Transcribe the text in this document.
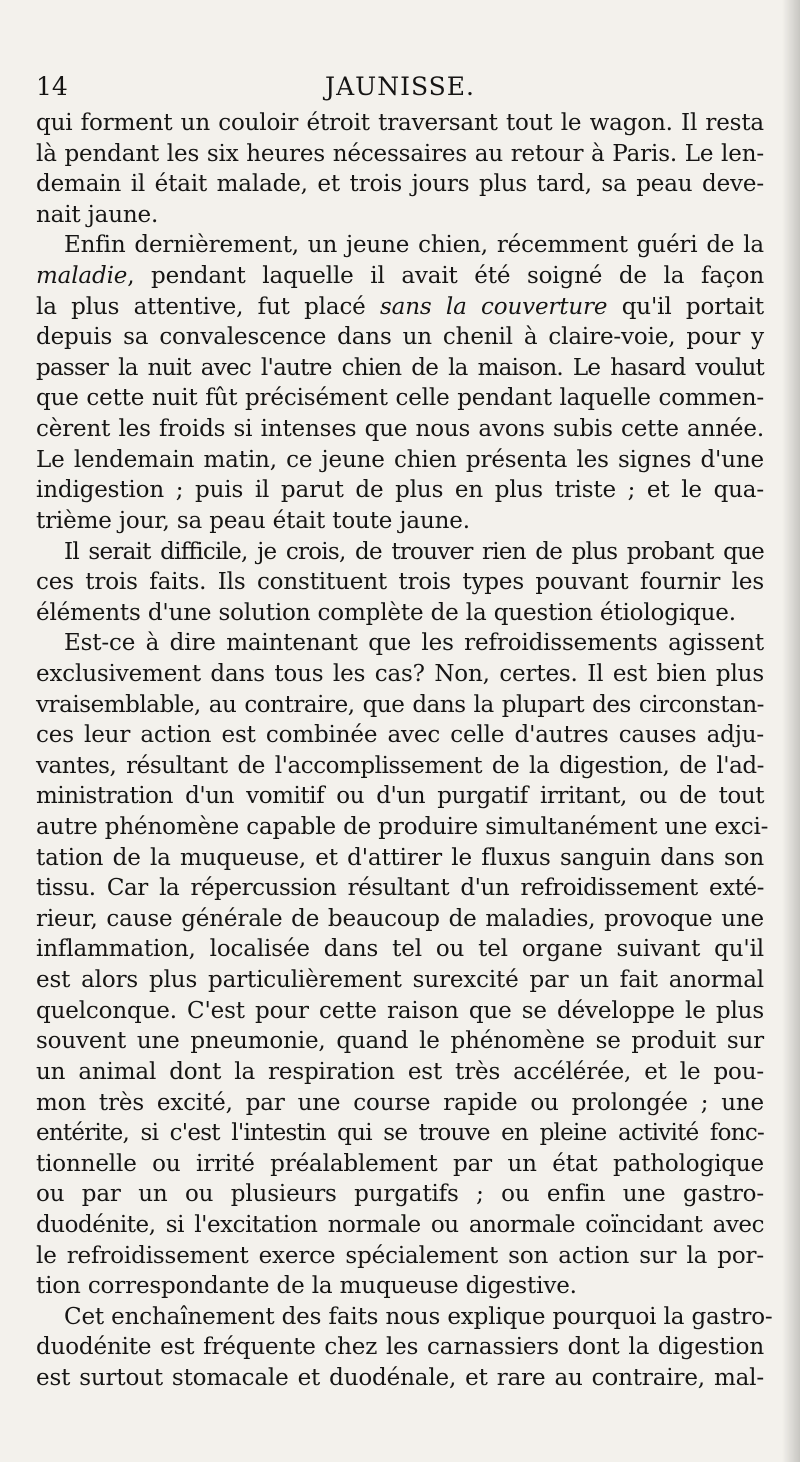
14	JAUNISSE.
qui forment un couloir étroit traversant tout le wagon. Il resta
là pendant les six heures nécessaires au retour à Paris. Le len-
demain il était malade, et trois jours plus tard, sa peau deve-
nait jaune.
Enfin dernièrement, un jeune chien, récemment guéri de la
maladie, pendant laquelle il avait été soigné de la façon
la plus attentive, fut placé sans la couverture qu'il portait
depuis sa convalescence dans un chenil à claire-voie, pour y
passer la nuit avec l'autre chien de la maison. Le hasard voulut
que cette nuit fût précisément celle pendant laquelle commen-
cèrent les froids si intenses que nous avons subis cette année.
Le lendemain matin, ce jeune chien présenta les signes d'une
indigestion ; puis il parut de plus en plus triste ; et le qua-
trième jour, sa peau était toute jaune.
Il serait difficile, je crois, de trouver rien de plus probant que
ces trois faits. Ils constituent trois types pouvant fournir les
éléments d'une solution complète de la question étiologique.
Est-ce à dire maintenant que les refroidissements agissent
exclusivement dans tous les cas? Non, certes. Il est bien plus
vraisemblable, au contraire, que dans la plupart des circonstan-
ces leur action est combinée avec celle d'autres causes adju-
vantes, résultant de l'accomplissement de la digestion, de l'ad-
ministration d'un vomitif ou d'un purgatif irritant, ou de tout
autre phénomène capable de produire simultanément une exci-
tation de la muqueuse, et d'attirer le fluxus sanguin dans son
tissu. Car la répercussion résultant d'un refroidissement exté-
rieur, cause générale de beaucoup de maladies, provoque une
inflammation, localisée dans tel ou tel organe suivant qu'il
est alors plus particulièrement surexcité par un fait anormal
quelconque. C'est pour cette raison que se développe le plus
souvent une pneumonie, quand le phénomène se produit sur
un animal dont la respiration est très accélérée, et le pou-
mon très excité, par une course rapide ou prolongée ; une
entérite, si c'est l'intestin qui se trouve en pleine activité fonc-
tionnelle ou irrité préalablement par un état pathologique
ou par un ou plusieurs purgatifs ; ou enfin une gastro-
duodénite, si l'excitation normale ou anormale coïncidant avec
le refroidissement exerce spécialement son action sur la por-
tion correspondante de la muqueuse digestive.
Cet enchaînement des faits nous explique pourquoi la gastro-
duodénite est fréquente chez les carnassiers dont la digestion
est surtout stomacale et duodénale, et rare au contraire, mal-
